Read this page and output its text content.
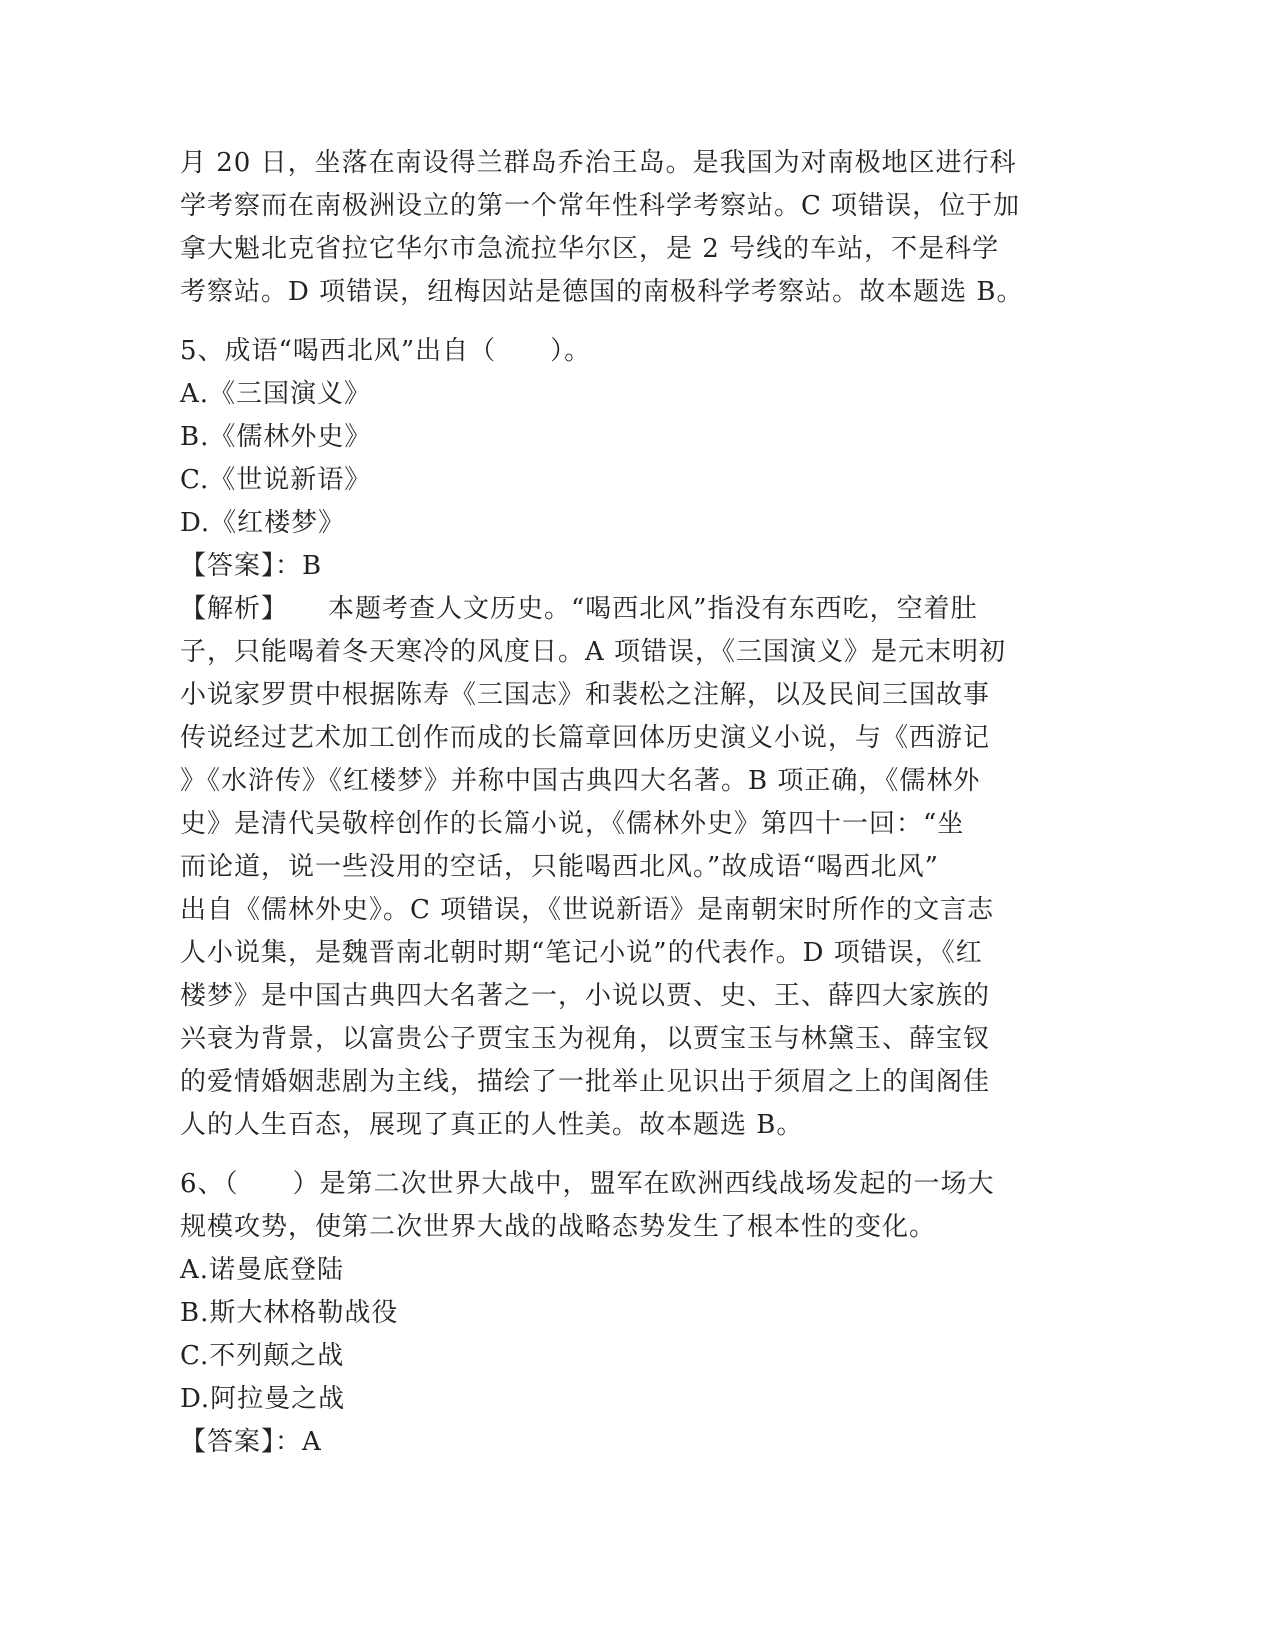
月 20 日，坐落在南设得兰群岛乔治王岛。是我国为对南极地区进行科
学考察而在南极洲设立的第一个常年性科学考察站。C 项错误，位于加
拿大魁北克省拉它华尔市急流拉华尔区，是 2 号线的车站，不是科学
考察站。D 项错误，纽梅因站是德国的南极科学考察站。故本题选 B。
5、成语“喝西北风”出自（　　）。
A.《三国演义》
B.《儒林外史》
C.《世说新语》
D.《红楼梦》
【答案】：B
【解析】 本题考查人文历史。“喝西北风”指没有东西吃，空着肚
子，只能喝着冬天寒冷的风度日。A 项错误，《三国演义》是元末明初
小说家罗贯中根据陈寿《三国志》和裴松之注解，以及民间三国故事
传说经过艺术加工创作而成的长篇章回体历史演义小说，与《西游记
》《水浒传》《红楼梦》并称中国古典四大名著。B 项正确，《儒林外
史》是清代吴敬梓创作的长篇小说，《儒林外史》第四十一回：“坐
而论道，说一些没用的空话，只能喝西北风。”故成语“喝西北风”
出自《儒林外史》。C 项错误，《世说新语》是南朝宋时所作的文言志
人小说集，是魏晋南北朝时期“笔记小说”的代表作。D 项错误，《红
楼梦》是中国古典四大名著之一，小说以贾、史、王、薛四大家族的
兴衰为背景，以富贵公子贾宝玉为视角，以贾宝玉与林黛玉、薛宝钗
的爱情婚姻悲剧为主线，描绘了一批举止见识出于须眉之上的闺阁佳
人的人生百态，展现了真正的人性美。故本题选 B。
6、（　　）是第二次世界大战中，盟军在欧洲西线战场发起的一场大
规模攻势，使第二次世界大战的战略态势发生了根本性的变化。
A.诺曼底登陆
B.斯大林格勒战役
C.不列颠之战
D.阿拉曼之战
【答案】：A
